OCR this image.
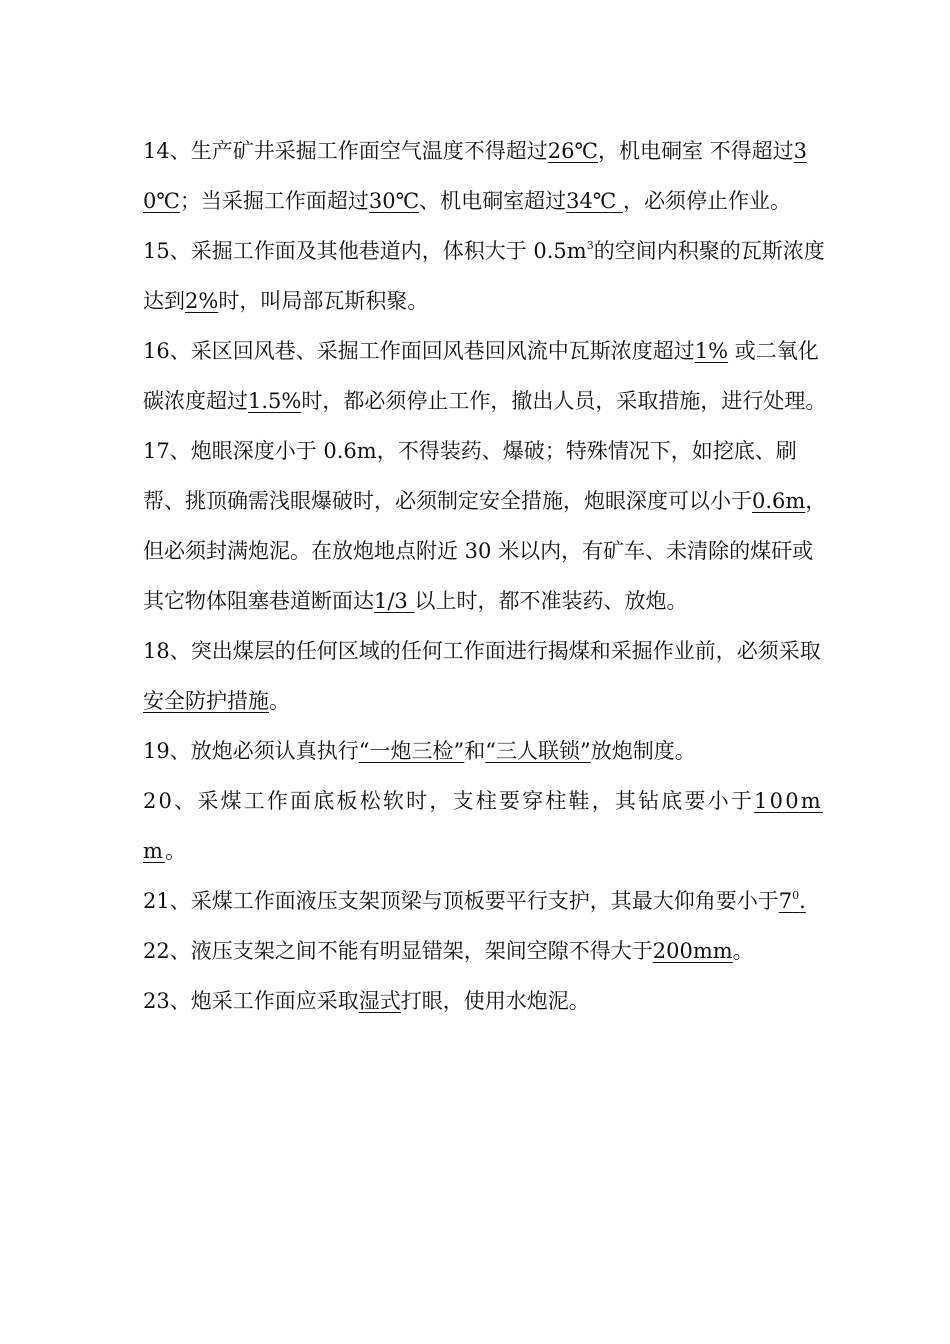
14、生产矿井采掘工作面空气温度不得超过26℃，机电硐室 不得超过30℃；当采掘工作面超过30℃、机电硐室超过34℃ ，必须停止作业。

15、采掘工作面及其他巷道内，体积大于 $0.5m^3$的空间内积聚的瓦斯浓度达到2%时，叫局部瓦斯积聚。

16、采区回风巷、采掘工作面回风巷回风流中瓦斯浓度超过1% 或二氧化碳浓度超过1.5%时，都必须停止工作，撤出人员，采取措施，进行处理。

17、炮眼深度小于 0.6m，不得装药、爆破；特殊情况下，如挖底、刷帮、挑顶确需浅眼爆破时，必须制定安全措施，炮眼深度可以小于0.6m，但必须封满炮泥。在放炮地点附近 30 米以内，有矿车、未清除的煤矸或其它物体阻塞巷道断面达1/3 以上时，都不准装药、放炮。

18、突出煤层的任何区域的任何工作面进行揭煤和采掘作业前，必须采取安全防护措施。

19、放炮必须认真执行“一炮三检”和“三人联锁”放炮制度。

20、采煤工作面底板松软时，支柱要穿柱鞋，其钻底要小于100mm。

21、采煤工作面液压支架顶梁与顶板要平行支护，其最大仰角要小于$7^0$.

22、液压支架之间不能有明显错架，架间空隙不得大于200mm。

23、炮采工作面应采取湿式打眼，使用水炮泥。
